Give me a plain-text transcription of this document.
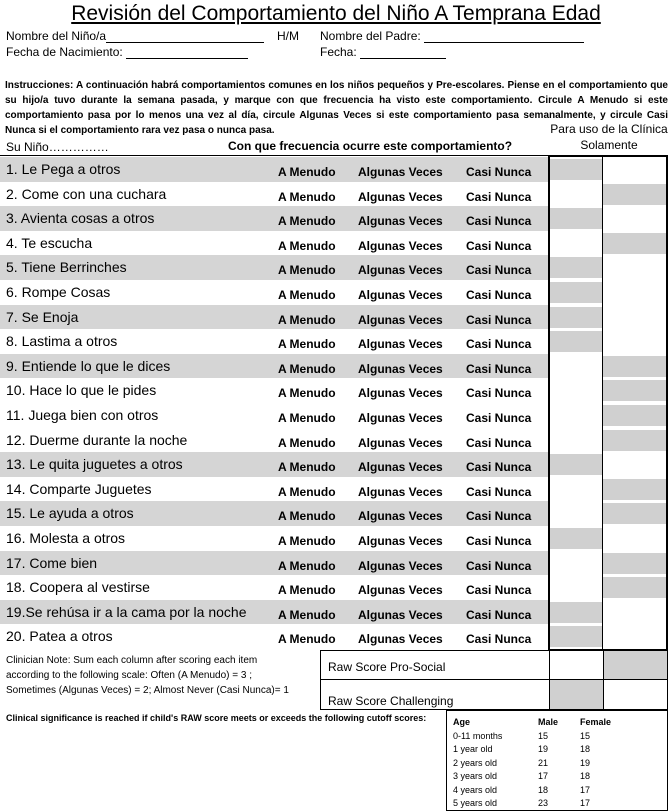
Revisión del Comportamiento del Niño A Temprana Edad
Nombre del Niño/a	H/M Nombre del Padre:
Fecha de Nacimiento:	Fecha:
Instrucciones: A continuación habrá comportamientos comunes en los niños pequeños y Pre-escolares. Piense en el comportamiento que su hijo/a tuvo durante la semana pasada, y marque con que frecuencia ha visto este comportamiento. Circule A Menudo si este comportamiento pasa por lo menos una vez al día, circule Algunas Veces si este comportamiento pasa semanalmente, y circule Casi Nunca si el comportamiento rara vez pasa o nunca pasa.
Su Niño……………	Con que frecuencia ocurre este comportamiento?
Para uso de la Clínica Solamente
1. Le Pega a otros	A Menudo Algunas Veces Casi Nunca
2. Come con una cuchara	A Menudo Algunas Veces Casi Nunca
3. Avienta cosas a otros	A Menudo Algunas Veces Casi Nunca
4. Te escucha	A Menudo Algunas Veces Casi Nunca
5. Tiene Berrinches	A Menudo Algunas Veces Casi Nunca
6. Rompe Cosas	A Menudo Algunas Veces Casi Nunca
7. Se Enoja	A Menudo Algunas Veces Casi Nunca
8. Lastima a otros	A Menudo Algunas Veces Casi Nunca
9. Entiende lo que le dices	A Menudo Algunas Veces Casi Nunca
10. Hace lo que le pides	A Menudo Algunas Veces Casi Nunca
11. Juega bien con otros	A Menudo Algunas Veces Casi Nunca
12. Duerme durante la noche	A Menudo Algunas Veces Casi Nunca
13. Le quita juguetes a otros	A Menudo Algunas Veces Casi Nunca
14. Comparte Juguetes	A Menudo Algunas Veces Casi Nunca
15. Le ayuda a otros	A Menudo Algunas Veces Casi Nunca
16. Molesta a otros	A Menudo Algunas Veces Casi Nunca
17. Come bien	A Menudo Algunas Veces Casi Nunca
18. Coopera al vestirse	A Menudo Algunas Veces Casi Nunca
19.Se rehúsa ir a la cama por la noche	A Menudo Algunas Veces Casi Nunca
20. Patea a otros	A Menudo Algunas Veces Casi Nunca
Clinician Note: Sum each column after scoring each item according to the following scale: Often (A Menudo) = 3 ; Sometimes (Algunas Veces) = 2; Almost Never (Casi Nunca)= 1
Raw Score Pro-Social
Raw Score Challenging
Clinical significance is reached if child's RAW score meets or exceeds the following cutoff scores:	Age	Male Female
0-11 months	15	15
1 year old	19	18
2 years old	21	19
3 years old	17	18
4 years old	18	17
5 years old	23	17
